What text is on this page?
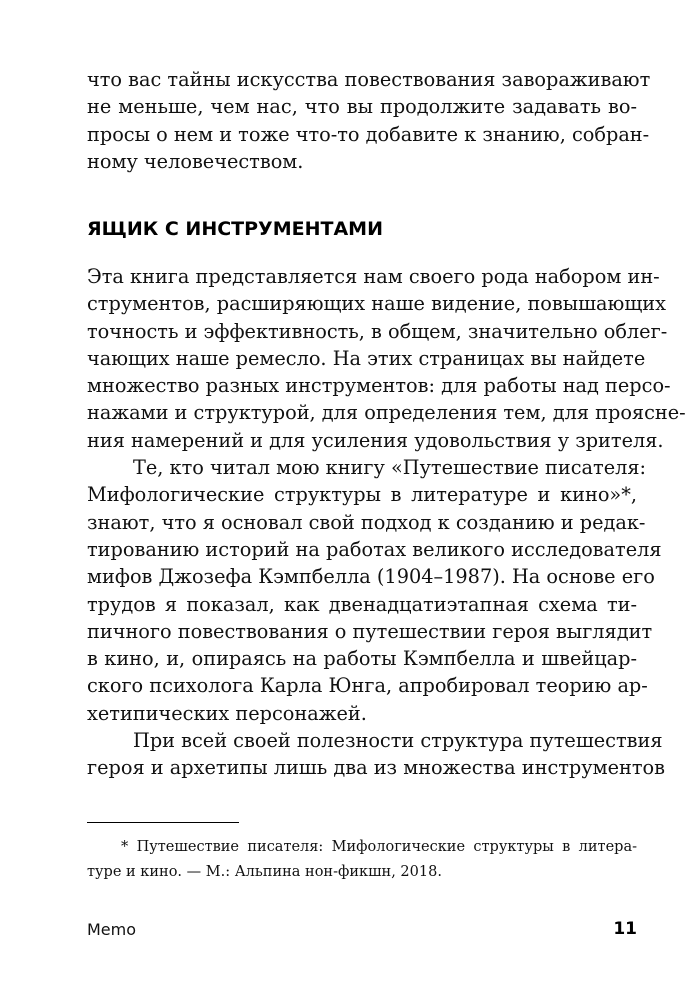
что вас тайны искусства повествования завораживают
не меньше, чем нас, что вы продолжите задавать во-
просы о нем и тоже что-то добавите к знанию, собран-
ному человечеством.
ЯЩИК С ИНСТРУМЕНТАМИ
Эта книга представляется нам своего рода набором ин-
струментов, расширяющих наше видение, повышающих
точность и эффективность, в общем, значительно облег-
чающих наше ремесло. На этих страницах вы найдете
множество разных инструментов: для работы над персо-
нажами и структурой, для определения тем, для проясне-
ния намерений и для усиления удовольствия у зрителя.
Те, кто читал мою книгу «Путешествие писателя:
Мифологические структуры в литературе и кино»*,
знают, что я основал свой подход к созданию и редак-
тированию историй на работах великого исследователя
мифов Джозефа Кэмпбелла (1904–1987). На основе его
трудов я показал, как двенадцатиэтапная схема ти-
пичного повествования о путешествии героя выглядит
в кино, и, опираясь на работы Кэмпбелла и швейцар-
ского психолога Карла Юнга, апробировал теорию ар-
хетипических персонажей.
При всей своей полезности структура путешествия
героя и архетипы лишь два из множества инструментов
* Путешествие писателя: Мифологические структуры в литера-
туре и кино. — М.: Альпина нон-фикшн, 2018.
Memo	11
